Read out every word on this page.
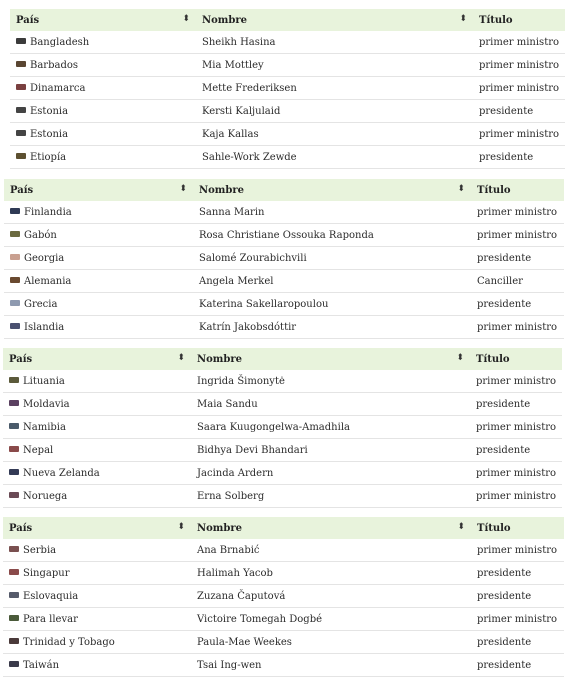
País ⬍	Nombre ⬍	Título
Bangladesh	Sheikh Hasina	primer ministro
Barbados	Mia Mottley	primer ministro
Dinamarca	Mette Frederiksen	primer ministro
Estonia	Kersti Kaljulaid	presidente
Estonia	Kaja Kallas	primer ministro
Etiopía	Sahle-Work Zewde	presidente
País ⬍	Nombre ⬍	Título
Finlandia	Sanna Marin	primer ministro
Gabón	Rosa Christiane Ossouka Raponda	primer ministro
Georgia	Salomé Zourabichvili	presidente
Alemania	Angela Merkel	Canciller
Grecia	Katerina Sakellaropoulou	presidente
Islandia	Katrín Jakobsdóttir	primer ministro
País ⬍	Nombre ⬍	Título
Lituania	Ingrida Šimonytė	primer ministro
Moldavia	Maia Sandu	presidente
Namibia	Saara Kuugongelwa-Amadhila	primer ministro
Nepal	Bidhya Devi Bhandari	presidente
Nueva Zelanda	Jacinda Ardern	primer ministro
Noruega	Erna Solberg	primer ministro
País ⬍	Nombre ⬍	Título
Serbia	Ana Brnabić	primer ministro
Singapur	Halimah Yacob	presidente
Eslovaquia	Zuzana Čaputová	presidente
Para llevar	Victoire Tomegah Dogbé	primer ministro
Trinidad y Tobago	Paula-Mae Weekes	presidente
Taiwán	Tsai Ing-wen	presidente
